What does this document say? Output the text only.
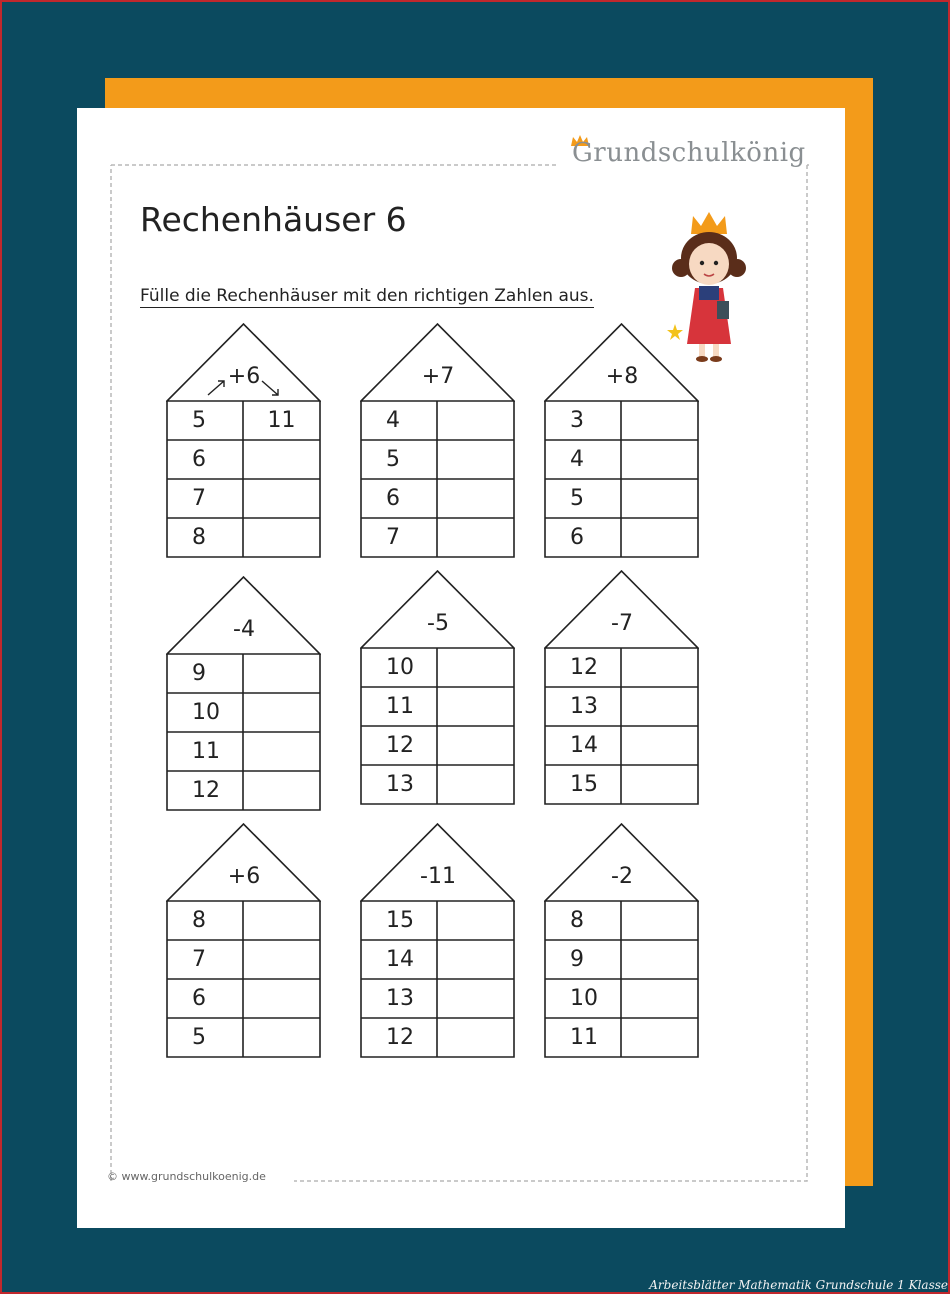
Grundschulkönig
Rechenhäuser 6
Fülle die Rechenhäuser mit den richtigen Zahlen aus.
+6
5	11
6
7
8
+7
4
5
6
7
+8
3
4
5
6
-4
9
10
11
12
-5
10
11
12
13
-7
12
13
14
15
+6
8
7
6
5
-11
15
14
13
12
-2
8
9
10
11
© www.grundschulkoenig.de
Arbeitsblätter Mathematik Grundschule 1 Klasse
